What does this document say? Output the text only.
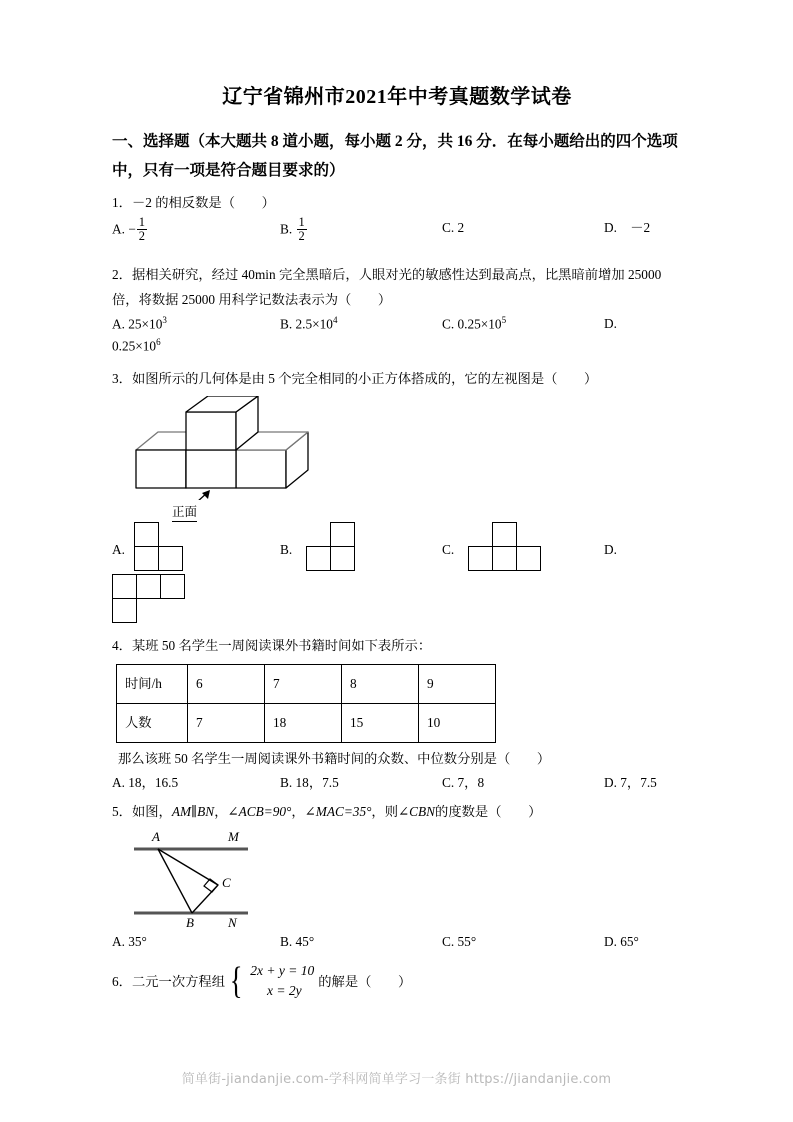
辽宁省锦州市2021年中考真题数学试卷
一、选择题（本大题共 8 道小题，每小题 2 分，共 16 分．在每小题给出的四个选项中，只有一项是符合题目要求的）
1．－2 的相反数是（　　）
A. − $\frac{1}{2}$	B. $\frac{1}{2}$	C. 2	D.　－2
2．据相关研究，经过 40min 完全黑暗后，人眼对光的敏感性达到最高点，比黑暗前增加 25000
倍，将数据 25000 用科学记数法表示为（　　）
A. $25\times 10^3$	B. $2.5\times 10^4$	C. $0.25\times 10^5$	D.
$0.25\times 10^6$
3．如图所示的几何体是由 5 个完全相同的小正方体搭成的，它的左视图是（　　）
正面
A.	B.	C.	D.
4．某班 50 名学生一周阅读课外书籍时间如下表所示：
时间/h	6	7	8	9
人数	7	18	15	10
那么该班 50 名学生一周阅读课外书籍时间的众数、中位数分别是（　　）
A. 18，16.5	B. 18，7.5	C. 7，8	D. 7，7.5
5．如图，AM∥BN，∠ACB=90°，∠MAC=35°，则∠CBN的度数是（　　）
A	M
B	N
C
A. 35°	B. 45°	C. 55°	D. 65°
6．二元一次方程组 { 2x + y = 10
x = 2y
的解是（　　）
简单街-jiandanjie.com-学科网简单学习一条街 https://jiandanjie.com
